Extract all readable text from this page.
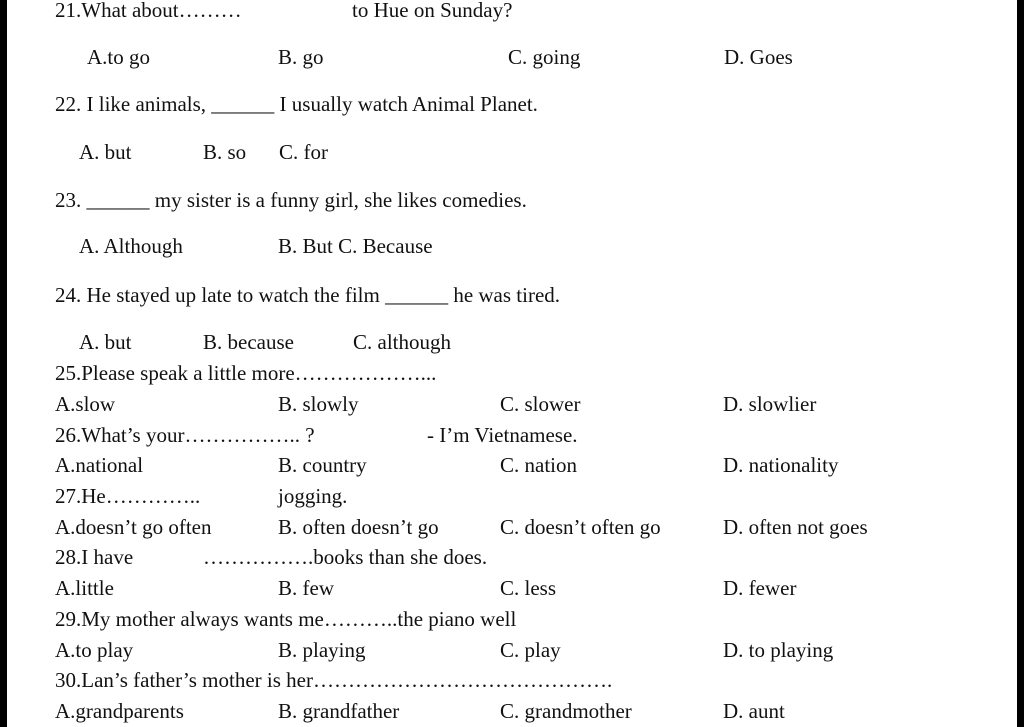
21.What about………	to Hue on Sunday?
A.to go	B. go	C. going	D. Goes
22. I like animals, ______ I usually watch Animal Planet.
A. but	B. so C. for
23. ______ my sister is a funny girl, she likes comedies.
A. Although	B. But C. Because
24. He stayed up late to watch the film ______ he was tired.
A. but	B. because	C. although
25.Please speak a little more………………...
A.slow	B. slowly	C. slower	D. slowlier
26.What’s your…………….. ?	- I’m Vietnamese.
A.national	B. country	C. nation	D. nationality
27.He…………..	jogging.
A.doesn’t go often	B. often doesn’t go	C. doesn’t often go	D. often not goes
28.I have	…………….books than she does.
A.little	B. few	C. less	D. fewer
29.My mother always wants me………..the piano well
A.to play	B. playing	C. play	D. to playing
30.Lan’s father’s mother is her…………………………………….
A.grandparents	B. grandfather	C. grandmother	D. aunt
